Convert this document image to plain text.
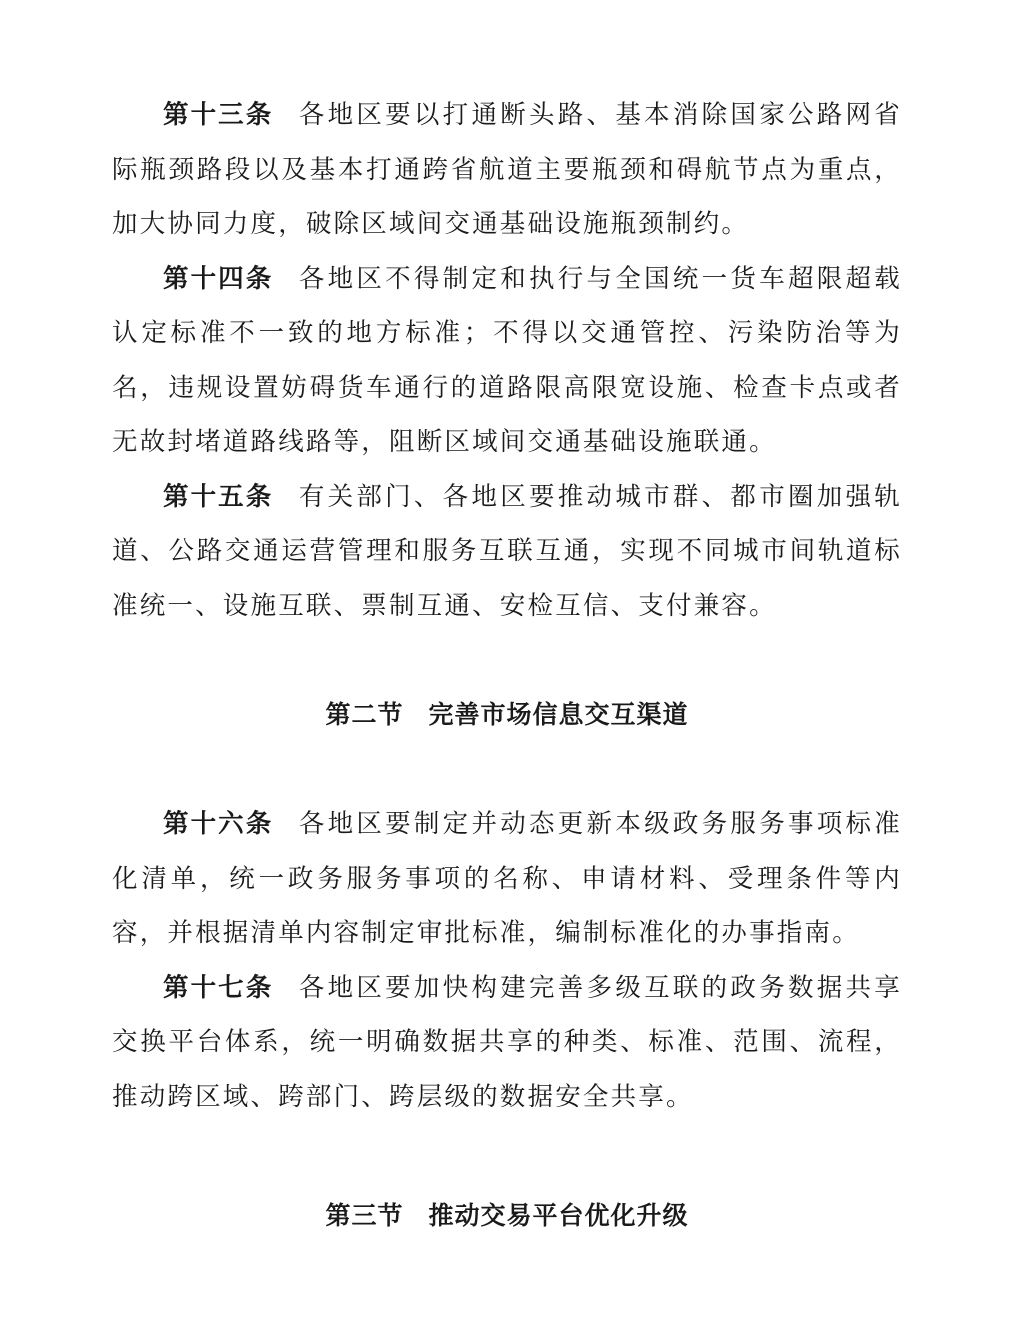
第十三条 各地区要以打通断头路、基本消除国家公路网省际瓶颈路段以及基本打通跨省航道主要瓶颈和碍航节点为重点，加大协同力度，破除区域间交通基础设施瓶颈制约。

第十四条 各地区不得制定和执行与全国统一货车超限超载认定标准不一致的地方标准；不得以交通管控、污染防治等为名，违规设置妨碍货车通行的道路限高限宽设施、检查卡点或者无故封堵道路线路等，阻断区域间交通基础设施联通。

第十五条 有关部门、各地区要推动城市群、都市圈加强轨道、公路交通运营管理和服务互联互通，实现不同城市间轨道标准统一、设施互联、票制互通、安检互信、支付兼容。

第二节 完善市场信息交互渠道

第十六条 各地区要制定并动态更新本级政务服务事项标准化清单，统一政务服务事项的名称、申请材料、受理条件等内容，并根据清单内容制定审批标准，编制标准化的办事指南。

第十七条 各地区要加快构建完善多级互联的政务数据共享交换平台体系，统一明确数据共享的种类、标准、范围、流程，推动跨区域、跨部门、跨层级的数据安全共享。

第三节 推动交易平台优化升级
